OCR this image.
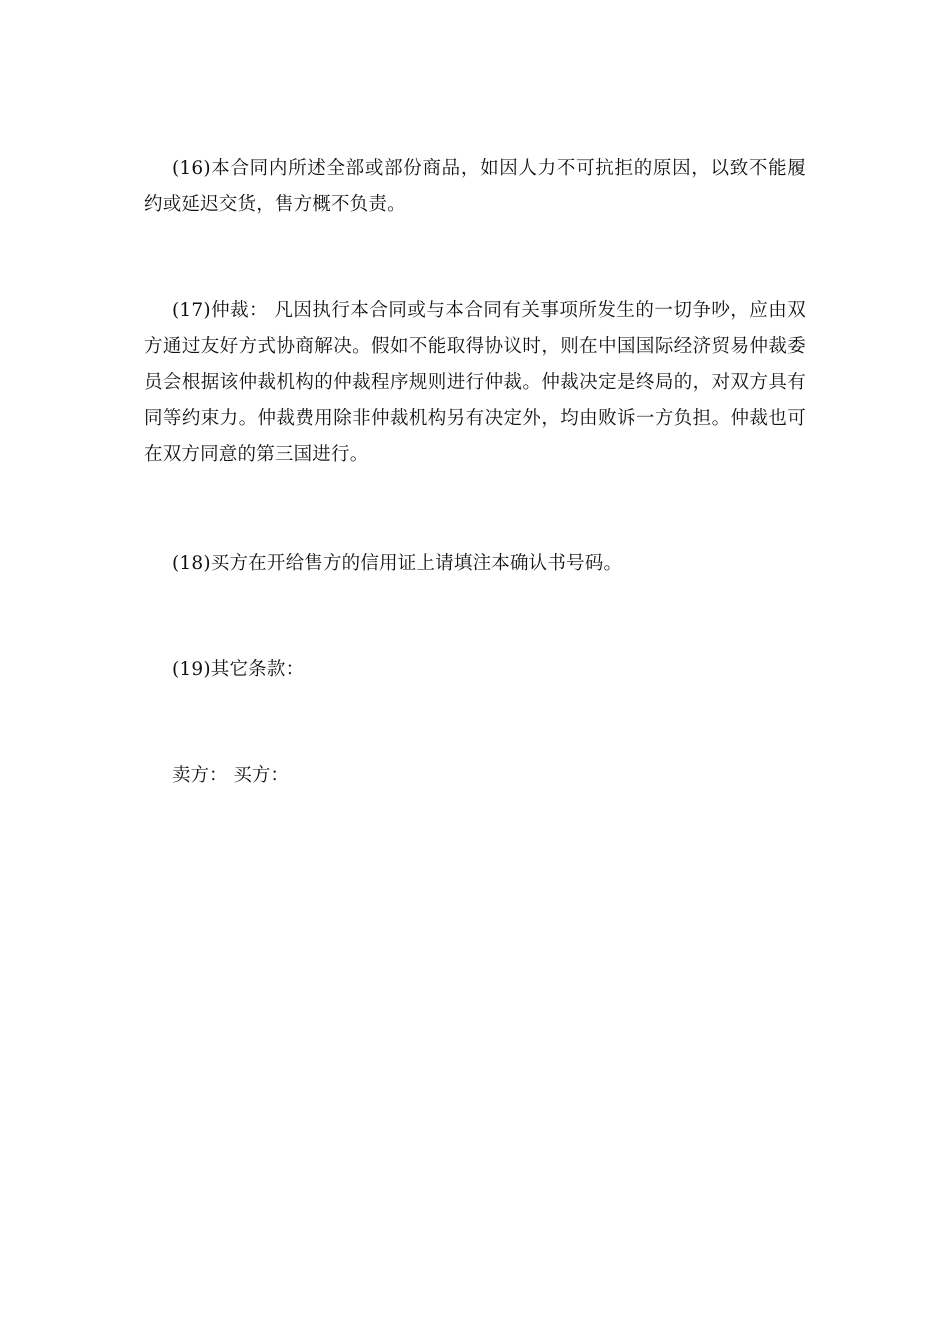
(16)本合同内所述全部或部份商品，如因人力不可抗拒的原因，以致不能履约或延迟交货，售方概不负责。

(17)仲裁： 凡因执行本合同或与本合同有关事项所发生的一切争吵，应由双方通过友好方式协商解决。假如不能取得协议时，则在中国国际经济贸易仲裁委员会根据该仲裁机构的仲裁程序规则进行仲裁。仲裁决定是终局的，对双方具有同等约束力。仲裁费用除非仲裁机构另有决定外，均由败诉一方负担。仲裁也可在双方同意的第三国进行。

(18)买方在开给售方的信用证上请填注本确认书号码。

(19)其它条款：

卖方： 买方：
